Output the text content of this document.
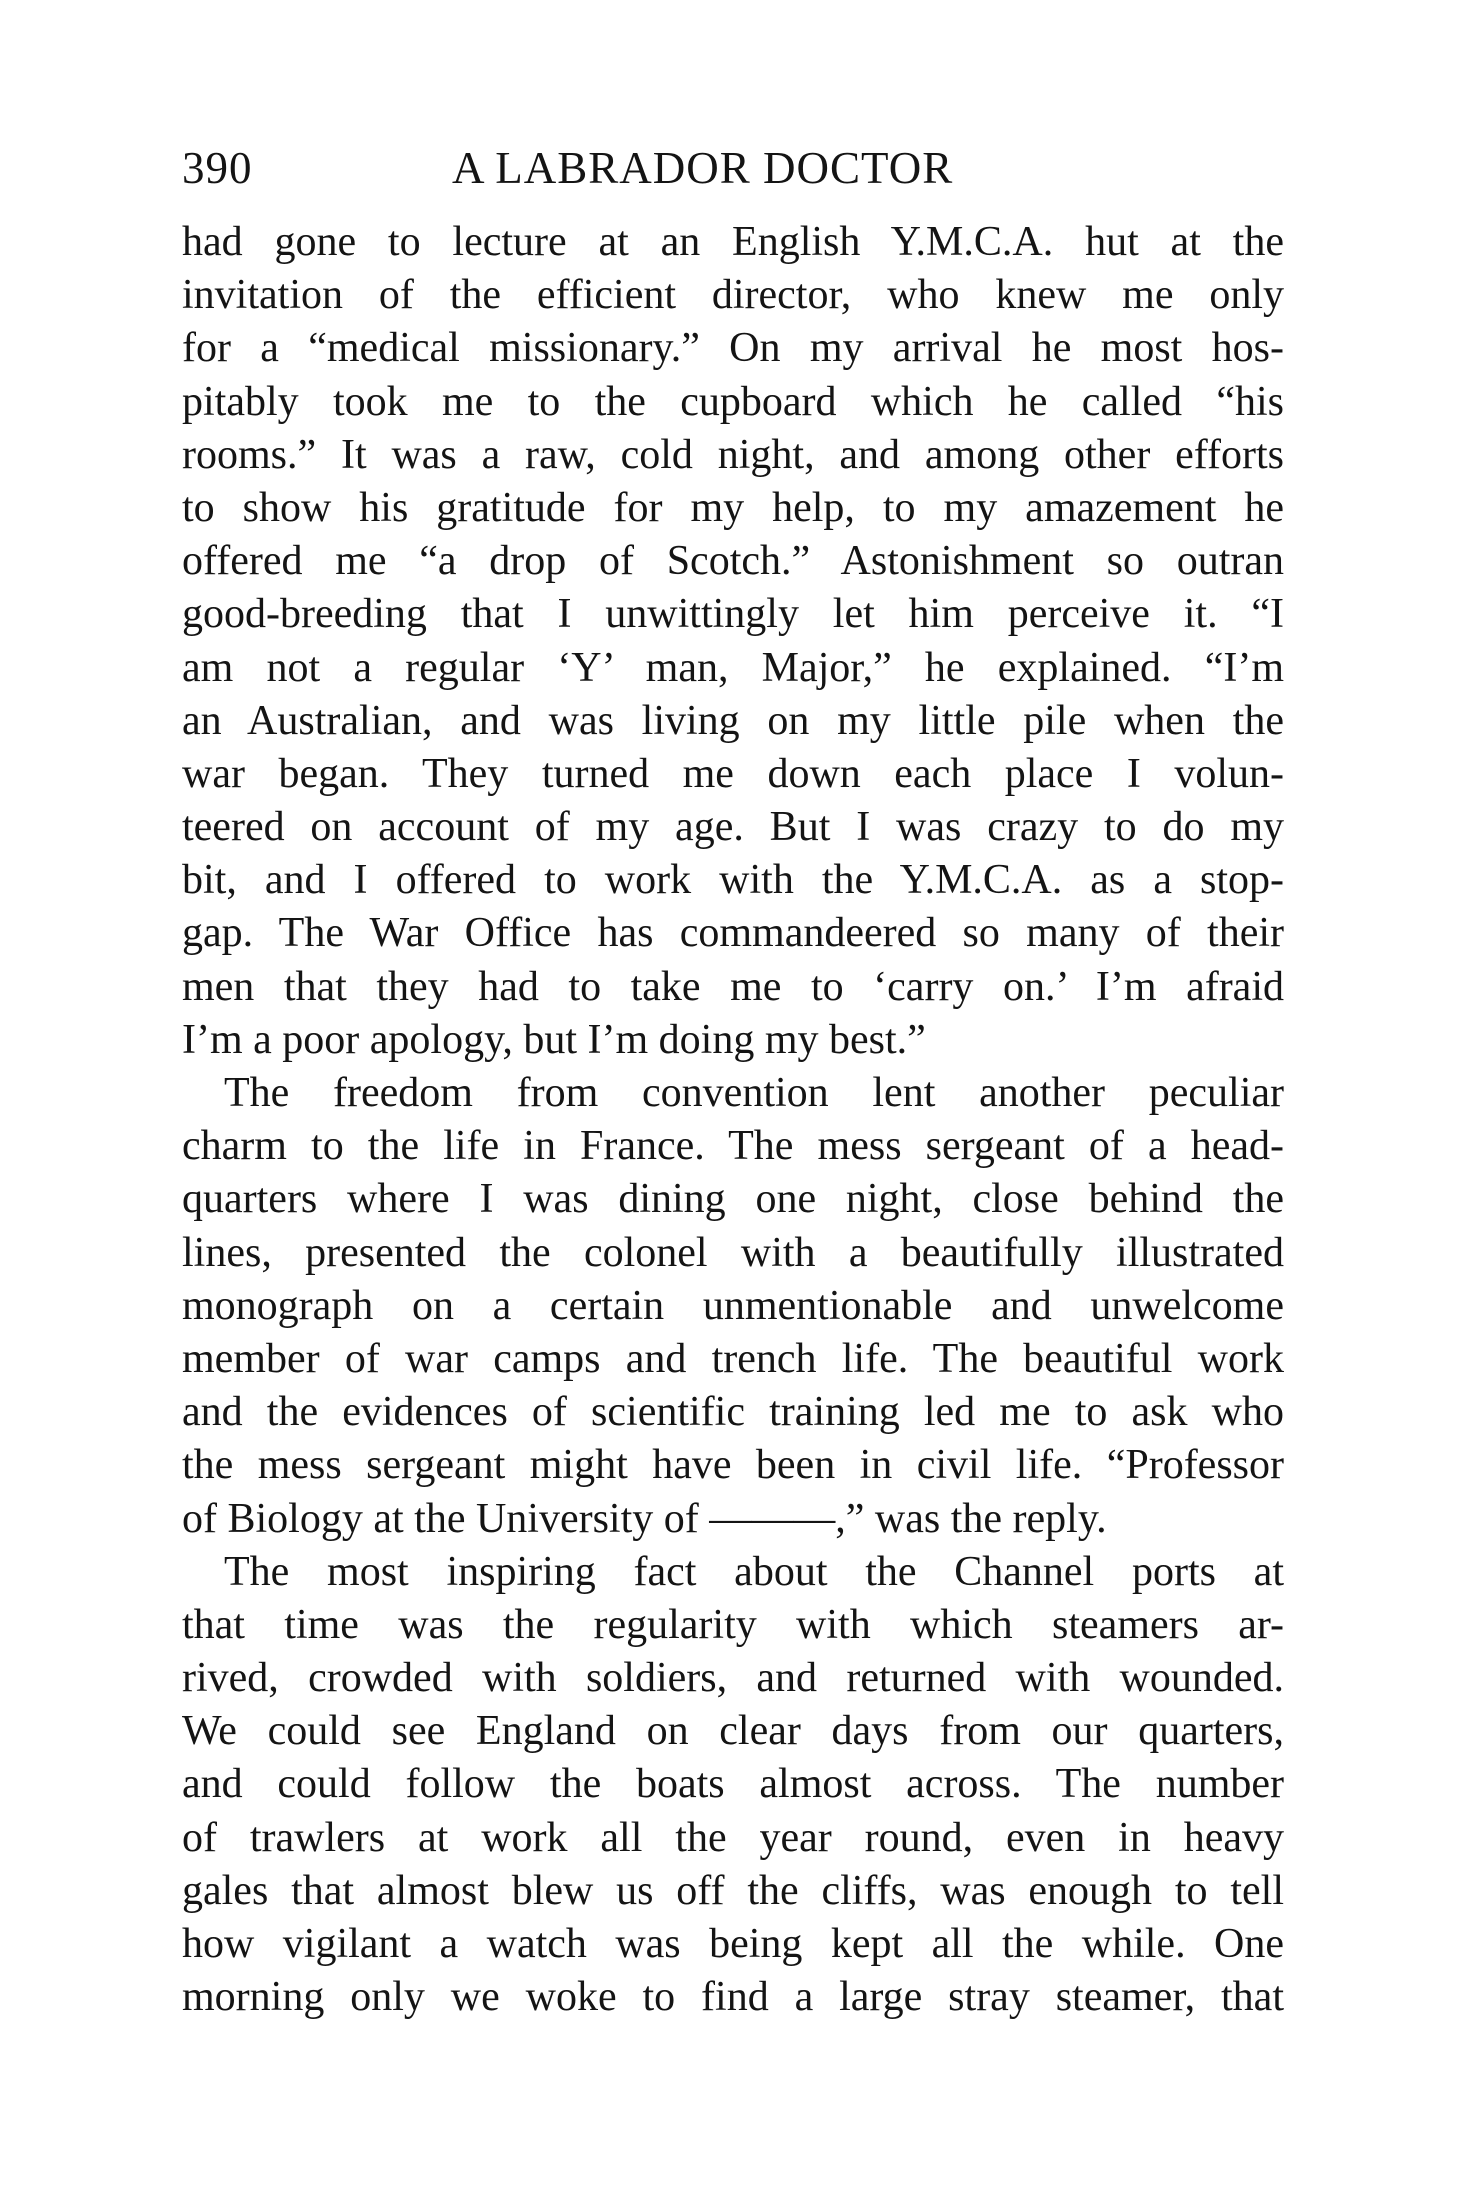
390	A LABRADOR DOCTOR
had gone to lecture at an English Y.M.C.A. hut at the
invitation of the efficient director, who knew me only
for a “medical missionary.” On my arrival he most hos-
pitably took me to the cupboard which he called “his
rooms.” It was a raw, cold night, and among other efforts
to show his gratitude for my help, to my amazement he
offered me “a drop of Scotch.” Astonishment so outran
good-breeding that I unwittingly let him perceive it. “I
am not a regular ‘Y’ man, Major,” he explained. “I’m
an Australian, and was living on my little pile when the
war began. They turned me down each place I volun-
teered on account of my age. But I was crazy to do my
bit, and I offered to work with the Y.M.C.A. as a stop-
gap. The War Office has commandeered so many of their
men that they had to take me to ‘carry on.’ I’m afraid
I’m a poor apology, but I’m doing my best.”
The freedom from convention lent another peculiar
charm to the life in France. The mess sergeant of a head-
quarters where I was dining one night, close behind the
lines, presented the colonel with a beautifully illustrated
monograph on a certain unmentionable and unwelcome
member of war camps and trench life. The beautiful work
and the evidences of scientific training led me to ask who
the mess sergeant might have been in civil life. “Professor
of Biology at the University of ———,” was the reply.
The most inspiring fact about the Channel ports at
that time was the regularity with which steamers ar-
rived, crowded with soldiers, and returned with wounded.
We could see England on clear days from our quarters,
and could follow the boats almost across. The number
of trawlers at work all the year round, even in heavy
gales that almost blew us off the cliffs, was enough to tell
how vigilant a watch was being kept all the while. One
morning only we woke to find a large stray steamer, that
